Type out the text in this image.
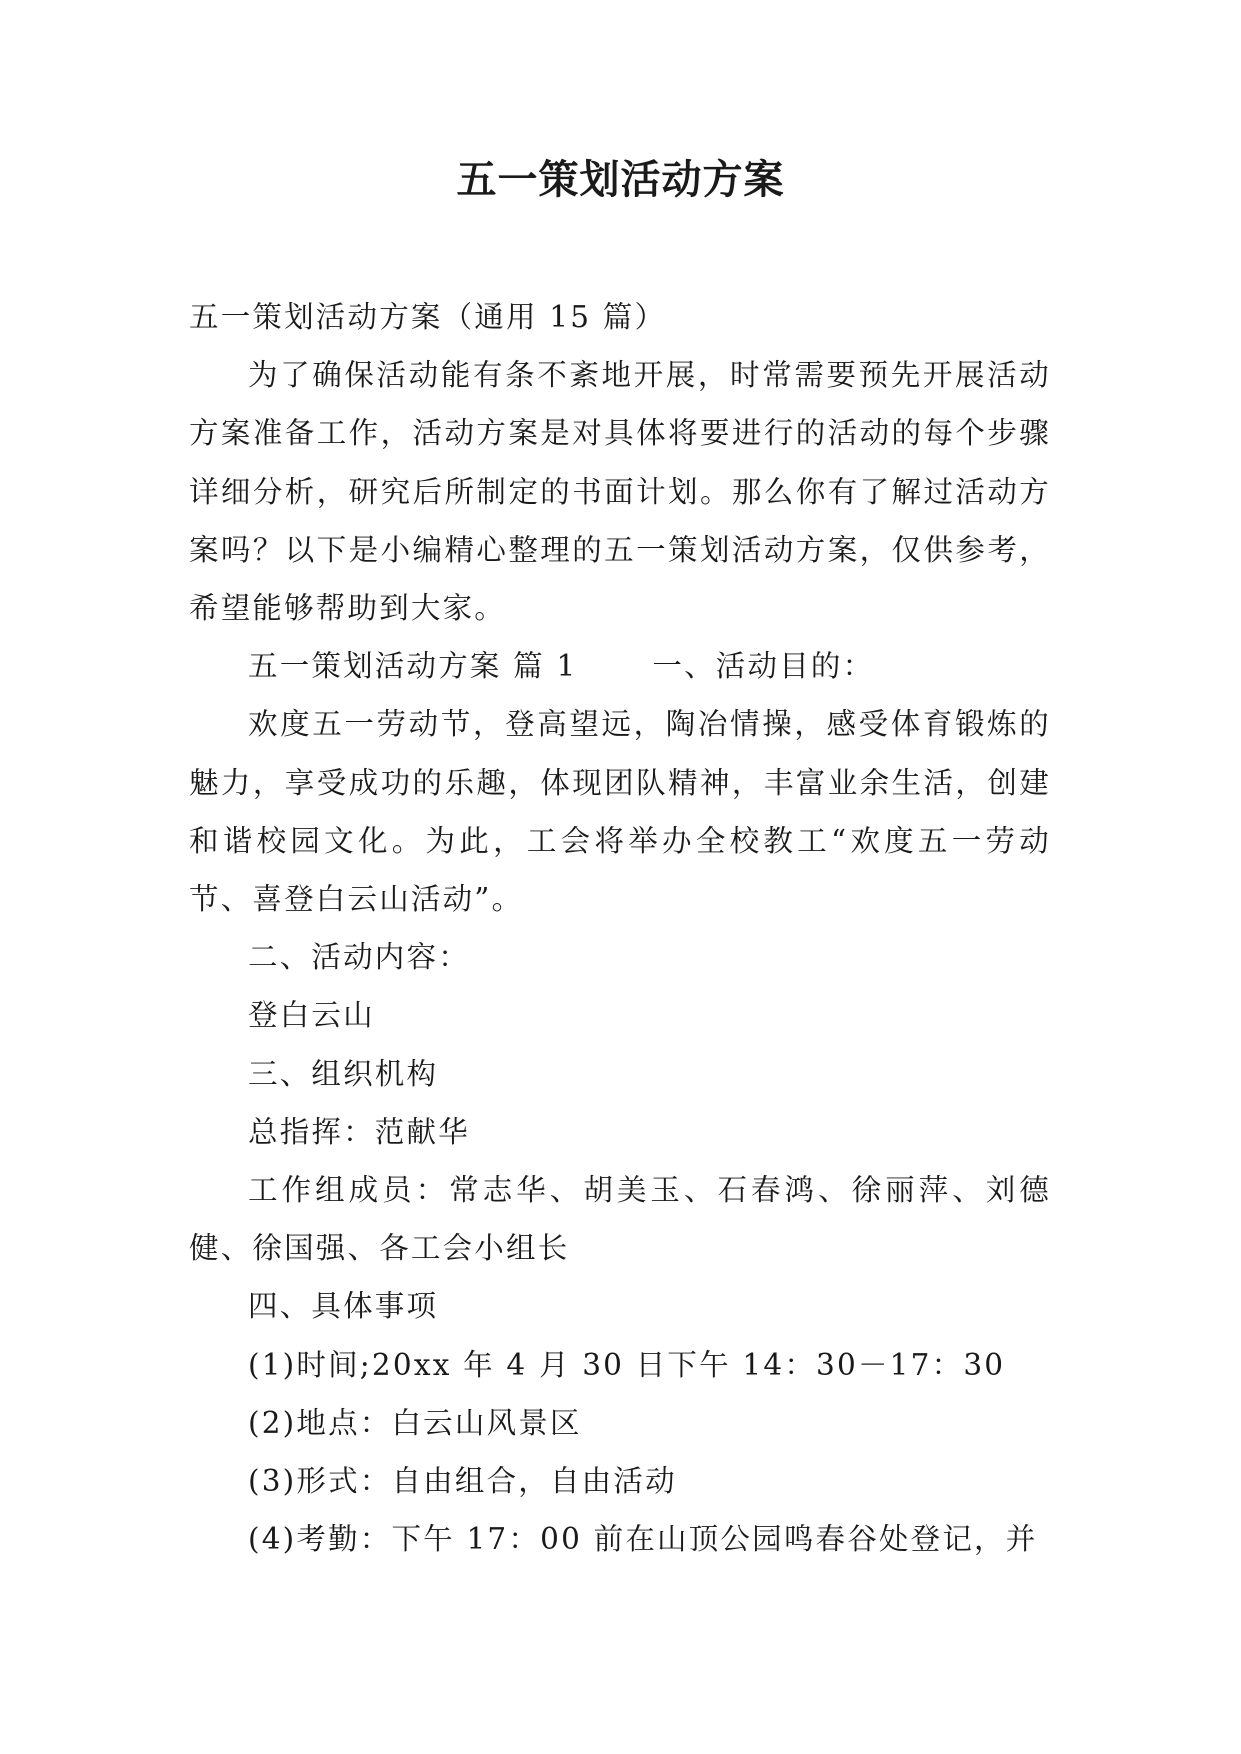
五一策划活动方案

五一策划活动方案（通用 15 篇）

为了确保活动能有条不紊地开展，时常需要预先开展活动方案准备工作，活动方案是对具体将要进行的活动的每个步骤详细分析，研究后所制定的书面计划。那么你有了解过活动方案吗？以下是小编精心整理的五一策划活动方案，仅供参考，希望能够帮助到大家。

五一策划活动方案 篇 1　　 一、活动目的：

欢度五一劳动节，登高望远，陶冶情操，感受体育锻炼的魅力，享受成功的乐趣，体现团队精神，丰富业余生活，创建和谐校园文化。为此，工会将举办全校教工“欢度五一劳动节、喜登白云山活动”。

二、活动内容：

登白云山

三、组织机构

总指挥：范献华

工作组成员：常志华、胡美玉、石春鸿、徐丽萍、刘德健、徐国强、各工会小组长

四、具体事项

(1)时间;20xx 年 4 月 30 日下午 14：30－17：30

(2)地点：白云山风景区

(3)形式：自由组合，自由活动

(4)考勤：下午 17：00 前在山顶公园鸣春谷处登记，并
